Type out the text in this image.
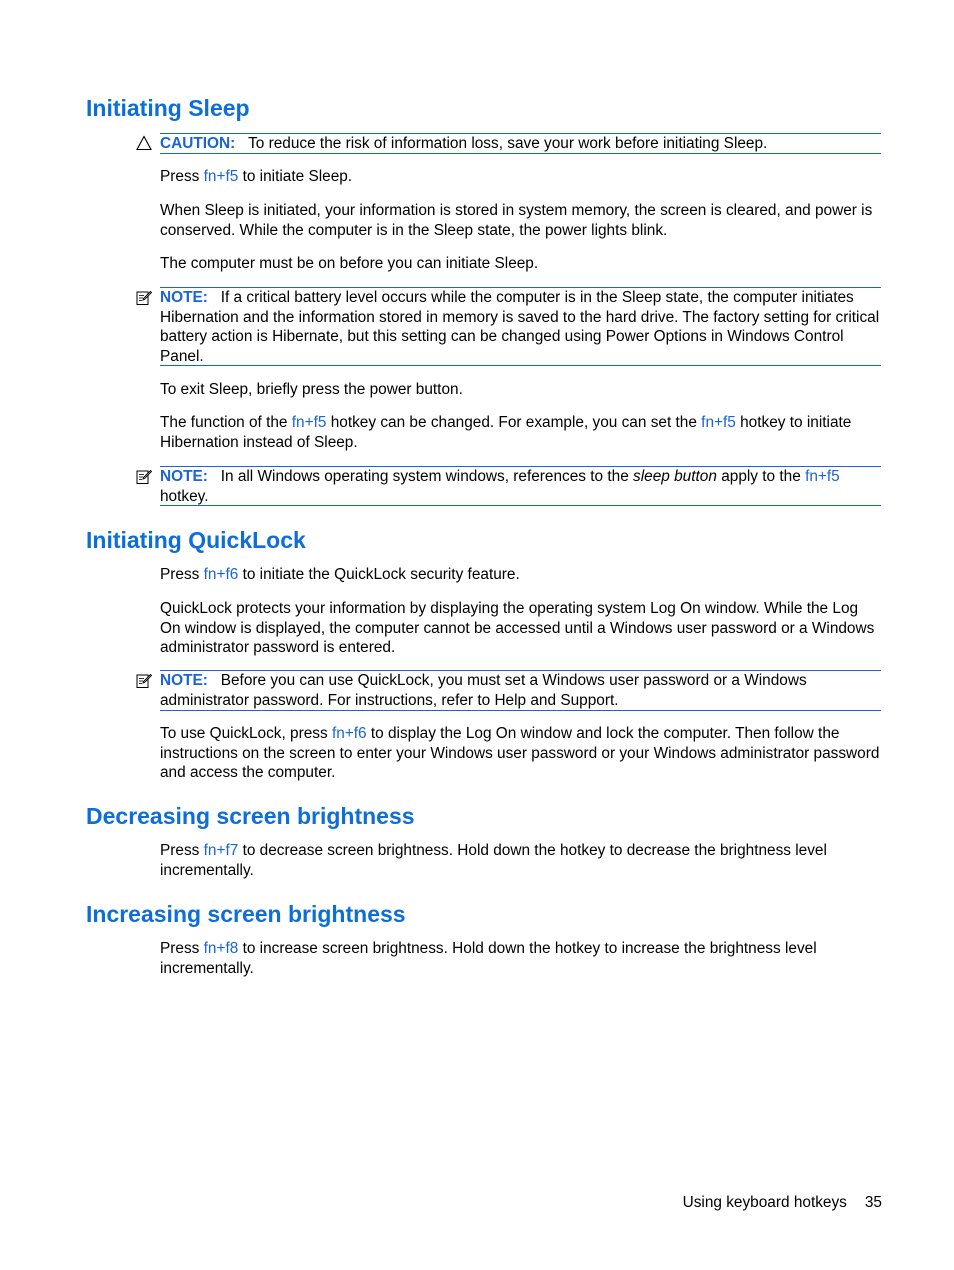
Initiating Sleep

CAUTION: To reduce the risk of information loss, save your work before initiating Sleep.

Press fn+f5 to initiate Sleep.

When Sleep is initiated, your information is stored in system memory, the screen is cleared, and power is conserved. While the computer is in the Sleep state, the power lights blink.

The computer must be on before you can initiate Sleep.

NOTE: If a critical battery level occurs while the computer is in the Sleep state, the computer initiates Hibernation and the information stored in memory is saved to the hard drive. The factory setting for critical battery action is Hibernate, but this setting can be changed using Power Options in Windows Control Panel.

To exit Sleep, briefly press the power button.

The function of the fn+f5 hotkey can be changed. For example, you can set the fn+f5 hotkey to initiate Hibernation instead of Sleep.

NOTE: In all Windows operating system windows, references to the sleep button apply to the fn+f5 hotkey.

Initiating QuickLock

Press fn+f6 to initiate the QuickLock security feature.

QuickLock protects your information by displaying the operating system Log On window. While the Log On window is displayed, the computer cannot be accessed until a Windows user password or a Windows administrator password is entered.

NOTE: Before you can use QuickLock, you must set a Windows user password or a Windows administrator password. For instructions, refer to Help and Support.

To use QuickLock, press fn+f6 to display the Log On window and lock the computer. Then follow the instructions on the screen to enter your Windows user password or your Windows administrator password and access the computer.

Decreasing screen brightness

Press fn+f7 to decrease screen brightness. Hold down the hotkey to decrease the brightness level incrementally.

Increasing screen brightness

Press fn+f8 to increase screen brightness. Hold down the hotkey to increase the brightness level incrementally.

Using keyboard hotkeys 35
